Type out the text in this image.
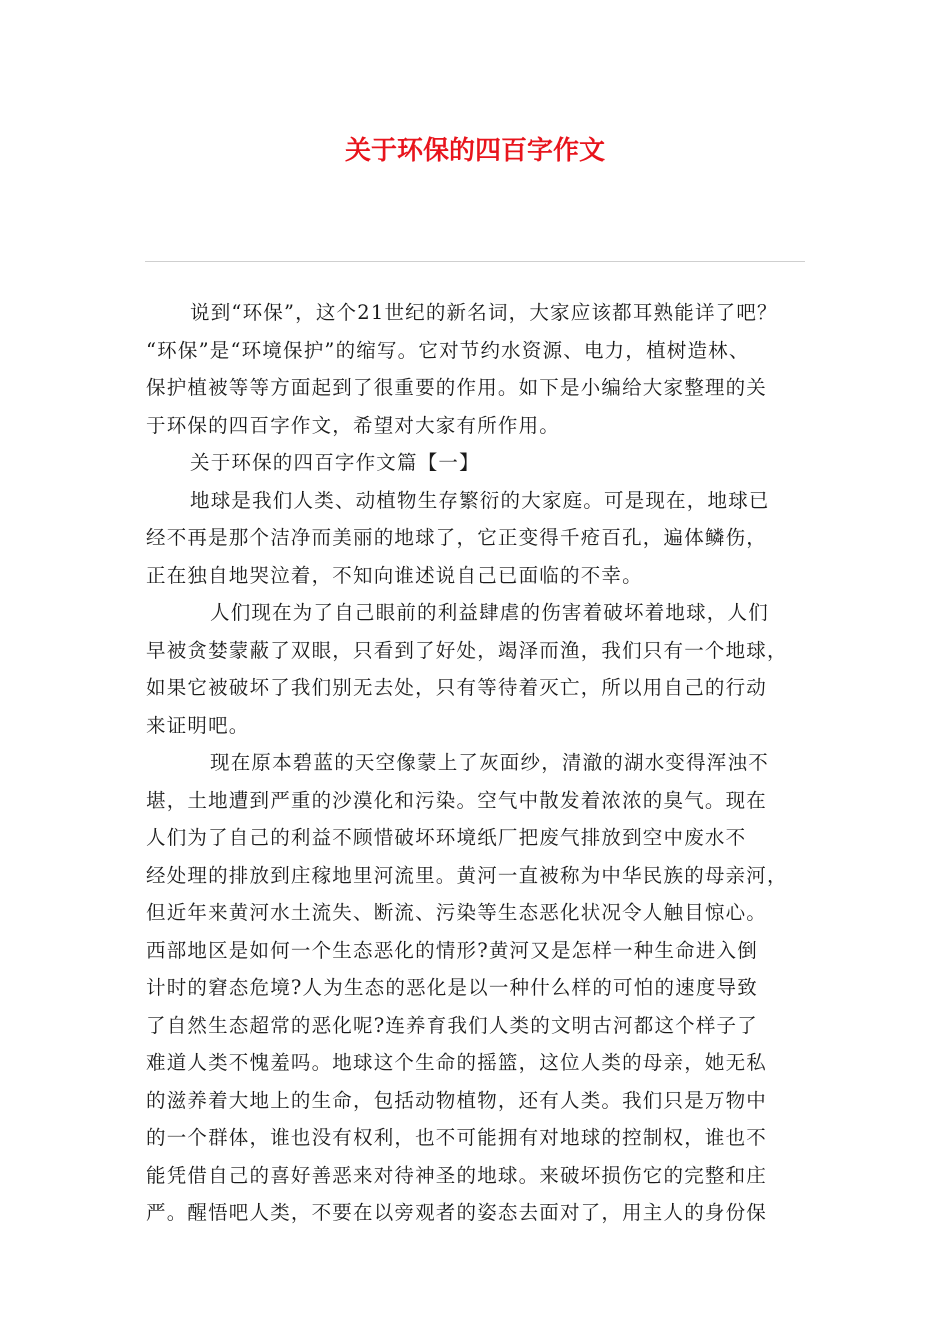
关于环保的四百字作文
说到“环保”，这个21世纪的新名词，大家应该都耳熟能详了吧？
“环保”是“环境保护”的缩写。它对节约水资源、电力，植树造林、
保护植被等等方面起到了很重要的作用。如下是小编给大家整理的关
于环保的四百字作文，希望对大家有所作用。
关于环保的四百字作文篇【一】
地球是我们人类、动植物生存繁衍的大家庭。可是现在，地球已
经不再是那个洁净而美丽的地球了，它正变得千疮百孔，遍体鳞伤，
正在独自地哭泣着，不知向谁述说自己已面临的不幸。
人们现在为了自己眼前的利益肆虐的伤害着破坏着地球，人们
早被贪婪蒙蔽了双眼，只看到了好处，竭泽而渔，我们只有一个地球，
如果它被破坏了我们别无去处，只有等待着灭亡，所以用自己的行动
来证明吧。
现在原本碧蓝的天空像蒙上了灰面纱，清澈的湖水变得浑浊不
堪，土地遭到严重的沙漠化和污染。空气中散发着浓浓的臭气。现在
人们为了自己的利益不顾惜破坏环境纸厂把废气排放到空中废水不
经处理的排放到庄稼地里河流里。黄河一直被称为中华民族的母亲河，
但近年来黄河水土流失、断流、污染等生态恶化状况令人触目惊心。
西部地区是如何一个生态恶化的情形?黄河又是怎样一种生命进入倒
计时的窘态危境?人为生态的恶化是以一种什么样的可怕的速度导致
了自然生态超常的恶化呢?连养育我们人类的文明古河都这个样子了
难道人类不愧羞吗。地球这个生命的摇篮，这位人类的母亲，她无私
的滋养着大地上的生命，包括动物植物，还有人类。我们只是万物中
的一个群体，谁也没有权利，也不可能拥有对地球的控制权，谁也不
能凭借自己的喜好善恶来对待神圣的地球。来破坏损伤它的完整和庄
严。醒悟吧人类，不要在以旁观者的姿态去面对了，用主人的身份保
